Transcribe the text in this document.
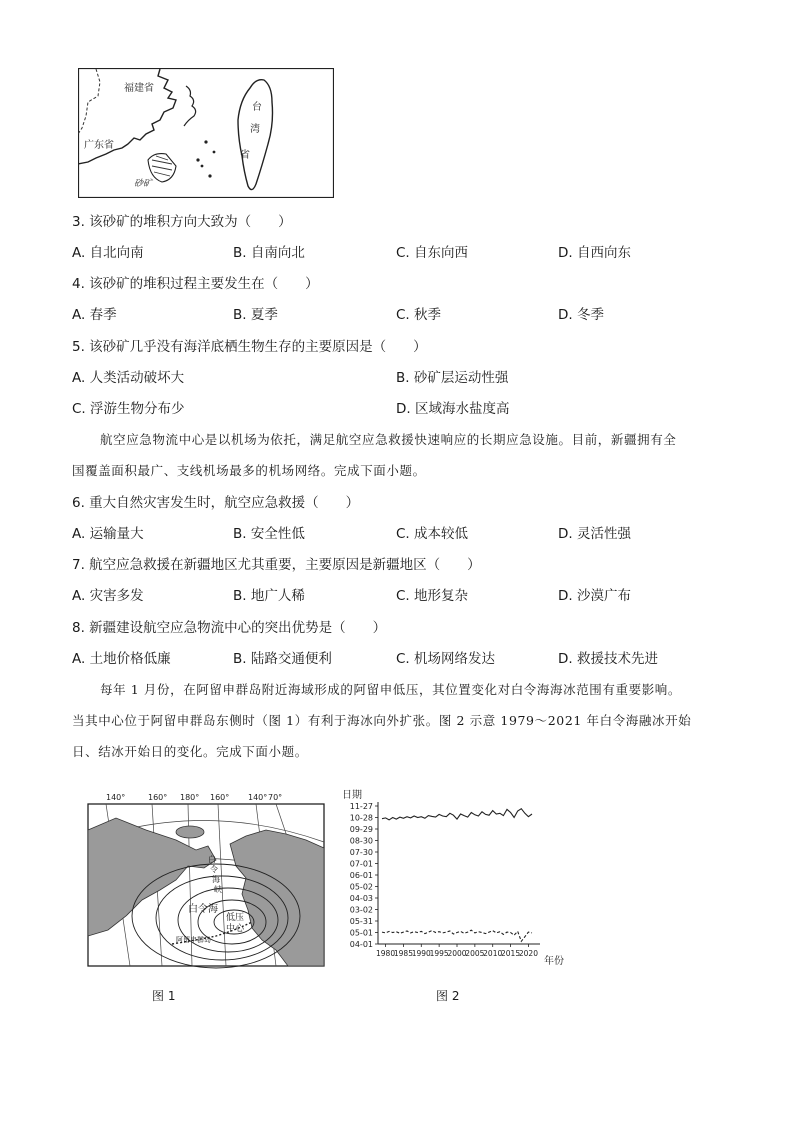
福建省
广东省
台
湾
省
砂矿
3. 该砂矿的堆积方向大致为（　　）
A. 自北向南	B. 自南向北	C. 自东向西	D. 自西向东
4. 该砂矿的堆积过程主要发生在（　　）
A. 春季	B. 夏季	C. 秋季	D. 冬季
5. 该砂矿几乎没有海洋底栖生物生存的主要原因是（　　）
A. 人类活动破坏大	B. 砂矿层运动性强
C. 浮游生物分布少	D. 区域海水盐度高
航空应急物流中心是以机场为依托，满足航空应急救援快速响应的长期应急设施。目前，新疆拥有全
国覆盖面积最广、支线机场最多的机场网络。完成下面小题。
6. 重大自然灾害发生时，航空应急救援（　　）
A. 运输量大	B. 安全性低	C. 成本较低	D. 灵活性强
7. 航空应急救援在新疆地区尤其重要，主要原因是新疆地区（　　）
A. 灾害多发	B. 地广人稀	C. 地形复杂	D. 沙漠广布
8. 新疆建设航空应急物流中心的突出优势是（　　）
A. 土地价格低廉	B. 陆路交通便利	C. 机场网络发达	D. 救援技术先进
每年 1 月份，在阿留申群岛附近海域形成的阿留申低压，其位置变化对白令海海冰范围有重要影响。
当其中心位于阿留申群岛东侧时（图 1）有利于海冰向外扩张。图 2 示意 1979～2021 年白令海融冰开始
日、结冰开始日的变化。完成下面小题。
140°	160° 180° 160° 140° 70°
白
令
海
峡
白令海
低压
中心
阿留申群岛
图 1
日期
年份
11-27
10-28
09-29
08-30
07-30
07-01
06-01
05-02
04-03
03-02
05-31
05-01
04-01
1980
1985
1990
1995
2000
2005
2010
2015
2020
图 2
